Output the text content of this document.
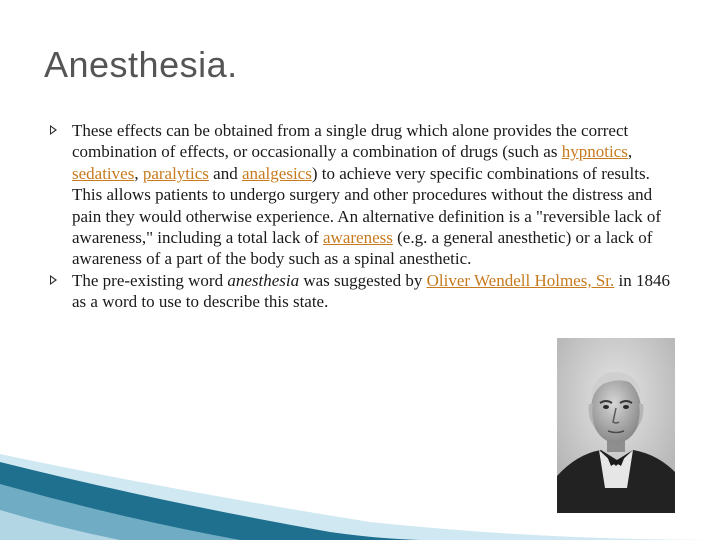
Anesthesia.
These effects can be obtained from a single drug which alone provides the correct combination of effects, or occasionally a combination of drugs (such as hypnotics, sedatives, paralytics and analgesics) to achieve very specific combinations of results. This allows patients to undergo surgery and other procedures without the distress and pain they would otherwise experience. An alternative definition is a "reversible lack of awareness," including a total lack of awareness (e.g. a general anesthetic) or a lack of awareness of a part of the body such as a spinal anesthetic.
The pre-existing word anesthesia was suggested by Oliver Wendell Holmes, Sr. in 1846 as a word to use to describe this state.
